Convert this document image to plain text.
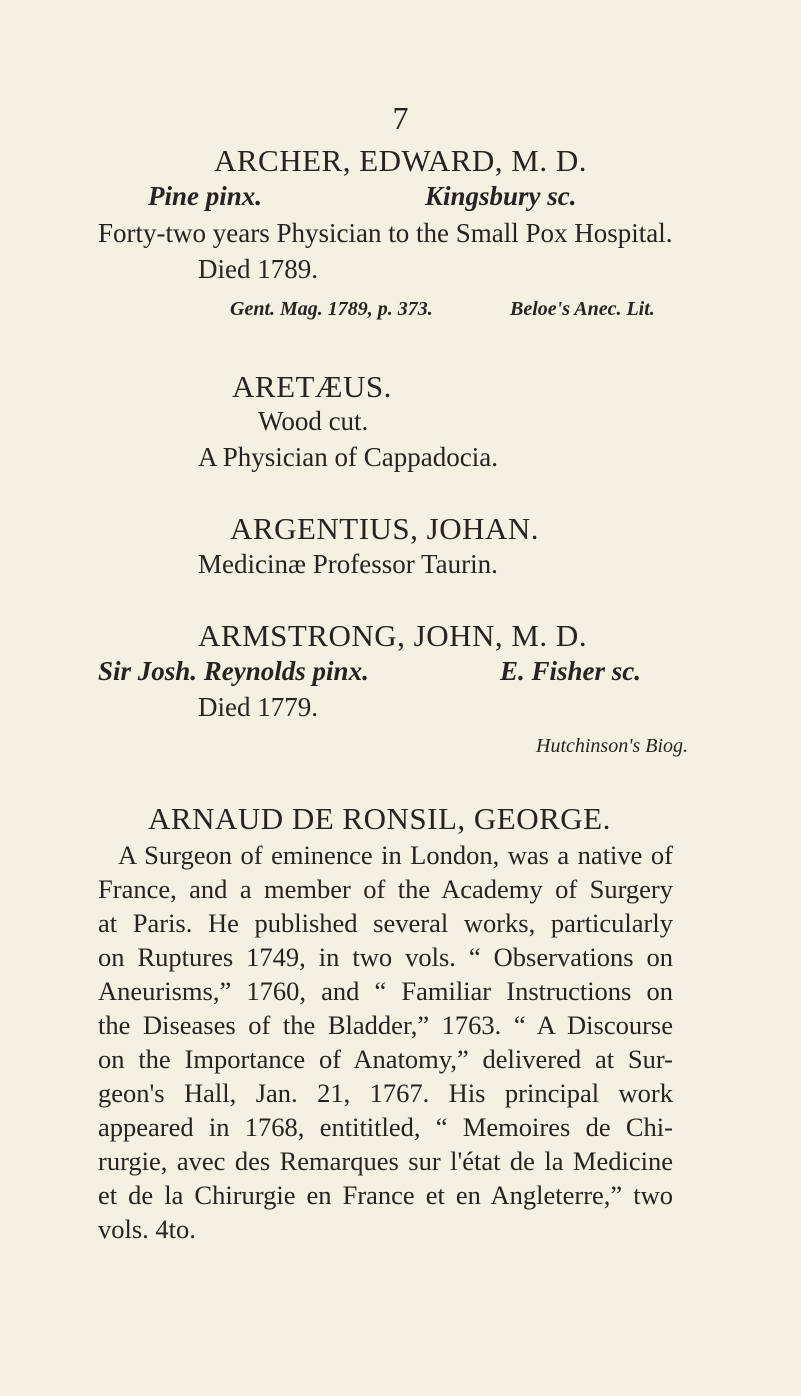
7
ARCHER, EDWARD, M. D.
Pine pinx.	Kingsbury sc.
Forty-two years Physician to the Small Pox Hospital.
Died 1789.
Gent. Mag. 1789, p. 373.	Beloe's Anec. Lit.
ARETÆUS.
Wood cut.
A Physician of Cappadocia.
ARGENTIUS, JOHAN.
Medicinæ Professor Taurin.
ARMSTRONG, JOHN, M. D.
Sir Josh. Reynolds pinx.	E. Fisher sc.
Died 1779.
Hutchinson's Biog.
ARNAUD DE RONSIL, GEORGE.
A Surgeon of eminence in London, was a native of
France, and a member of the Academy of Surgery
at Paris. He published several works, particularly
on Ruptures 1749, in two vols. “ Observations on
Aneurisms,” 1760, and “ Familiar Instructions on
the Diseases of the Bladder,” 1763. “ A Discourse
on the Importance of Anatomy,” delivered at Sur-
geon's Hall, Jan. 21, 1767. His principal work
appeared in 1768, entititled, “ Memoires de Chi-
rurgie, avec des Remarques sur l'état de la Medicine
et de la Chirurgie en France et en Angleterre,” two
vols. 4to.
